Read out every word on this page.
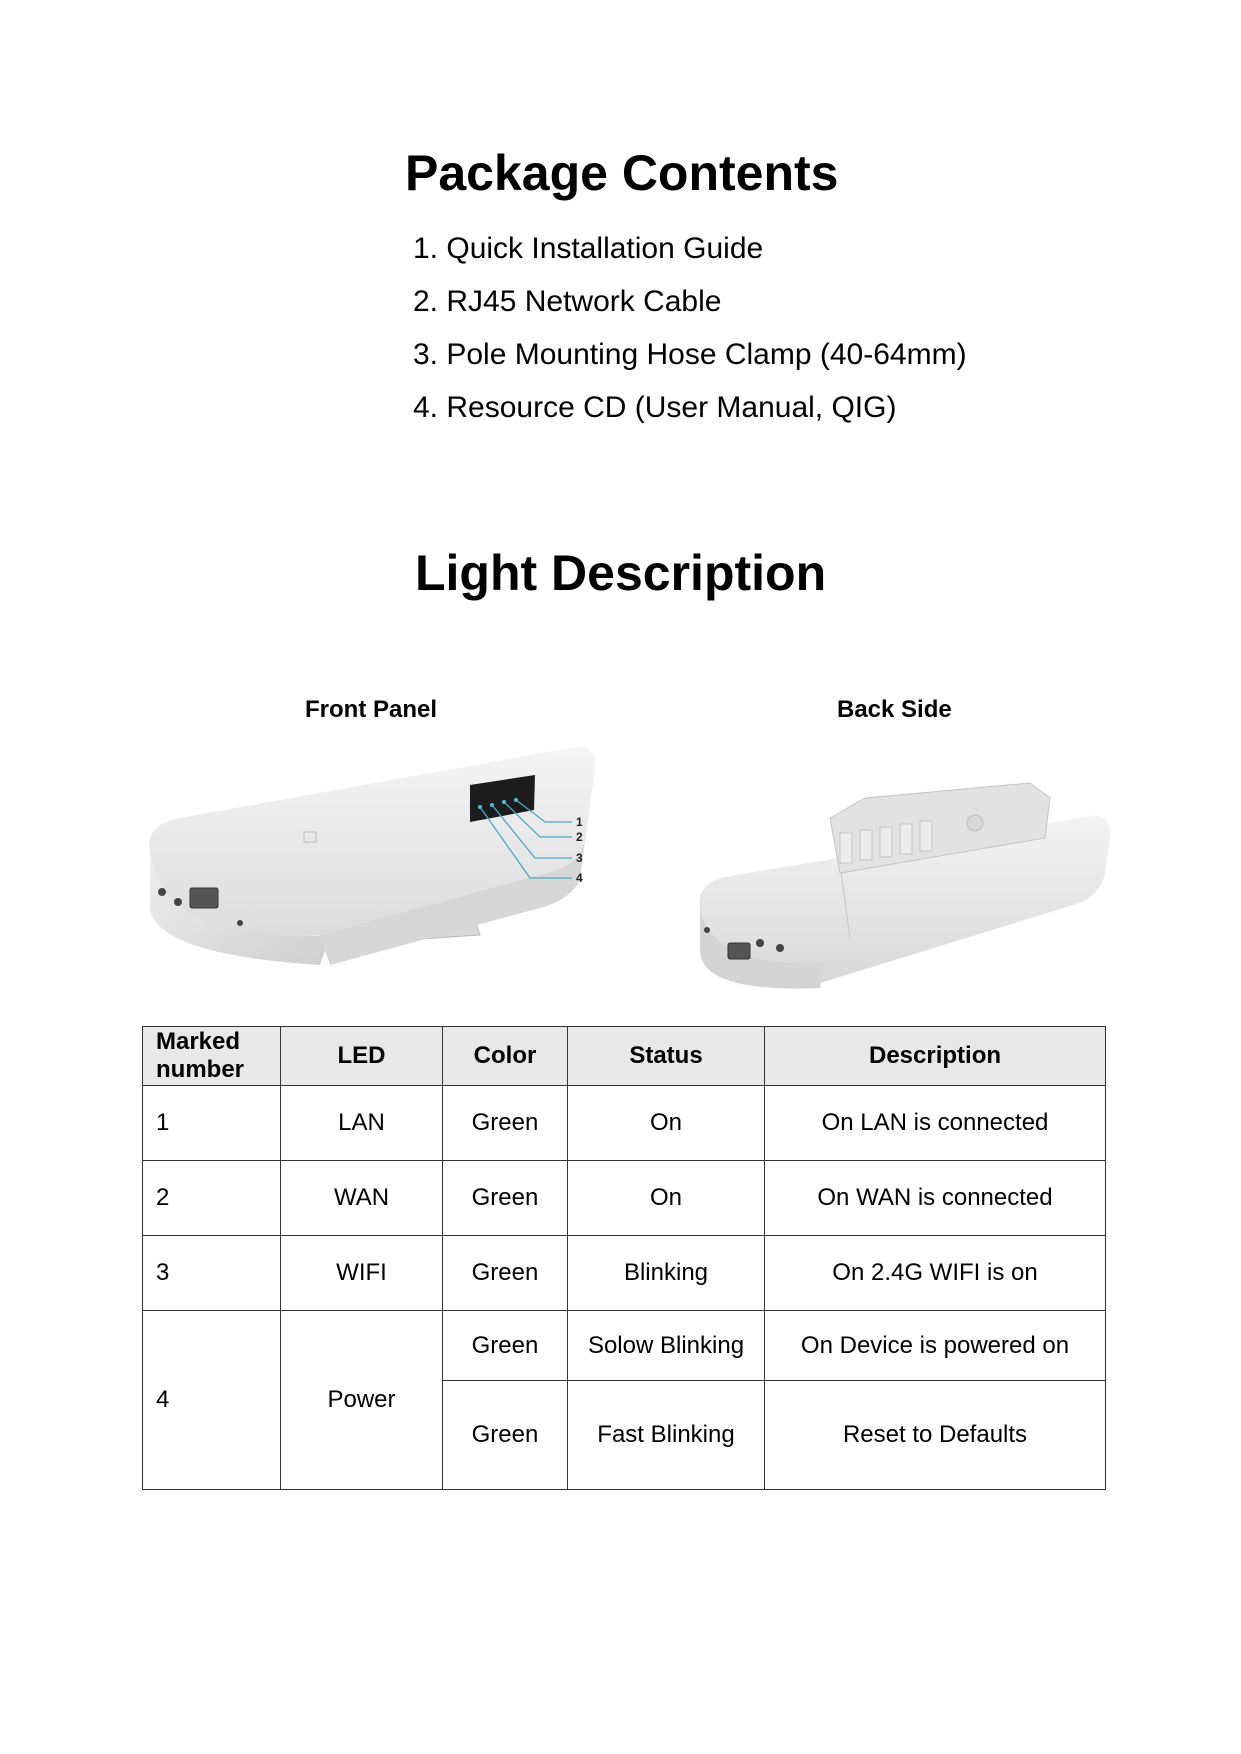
Package Contents
1. Quick Installation Guide
2. RJ45 Network Cable
3. Pole Mounting Hose Clamp (40-64mm)
4. Resource CD (User Manual, QIG)
Light Description

Front Panel	Back Side

1
2
3
4
Marked
number	LED	Color	Status	Description
1	LAN	Green	On	On LAN is connected
2	WAN	Green	On	On WAN is connected
3	WIFI	Green	Blinking	On 2.4G WIFI is on
4	Power	Green	Solow Blinking	On Device is powered on
		Green	Fast Blinking	Reset to Defaults
